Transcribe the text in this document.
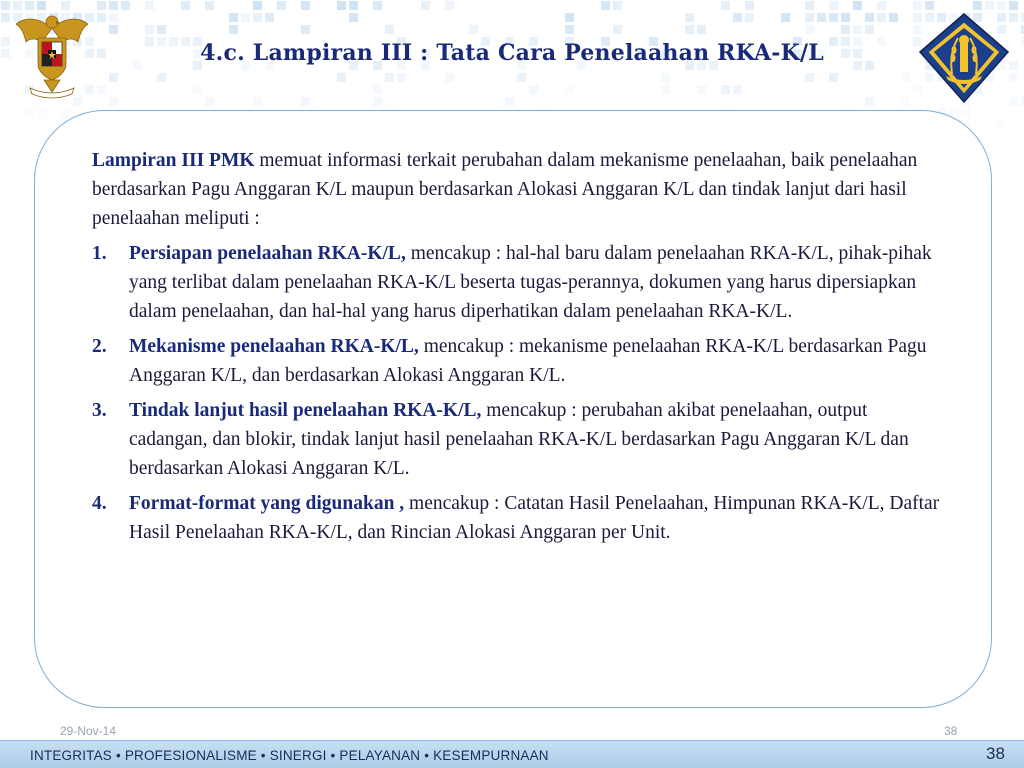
4.c. Lampiran III : Tata Cara Penelaahan RKA-K/L

Lampiran III PMK memuat informasi terkait perubahan dalam mekanisme penelaahan, baik penelaahan berdasarkan Pagu Anggaran K/L maupun berdasarkan Alokasi Anggaran K/L dan tindak lanjut dari hasil penelaahan meliputi :

1. Persiapan penelaahan RKA-K/L, mencakup : hal-hal baru dalam penelaahan RKA-K/L, pihak-pihak yang terlibat dalam penelaahan RKA-K/L beserta tugas-perannya, dokumen yang harus dipersiapkan dalam penelaahan, dan hal-hal yang harus diperhatikan dalam penelaahan RKA-K/L.
2. Mekanisme penelaahan RKA-K/L, mencakup : mekanisme penelaahan RKA-K/L berdasarkan Pagu Anggaran K/L, dan berdasarkan Alokasi Anggaran K/L.
3. Tindak lanjut hasil penelaahan RKA-K/L, mencakup : perubahan akibat penelaahan, output cadangan, dan blokir, tindak lanjut hasil penelaahan RKA-K/L berdasarkan Pagu Anggaran K/L dan berdasarkan Alokasi Anggaran K/L.
4. Format-format yang digunakan , mencakup : Catatan Hasil Penelaahan, Himpunan RKA-K/L, Daftar Hasil Penelaahan RKA-K/L, dan Rincian Alokasi Anggaran per Unit.
29-Nov-14	38
INTEGRITAS • PROFESIONALISME • SINERGI • PELAYANAN • KESEMPURNAAN	38
